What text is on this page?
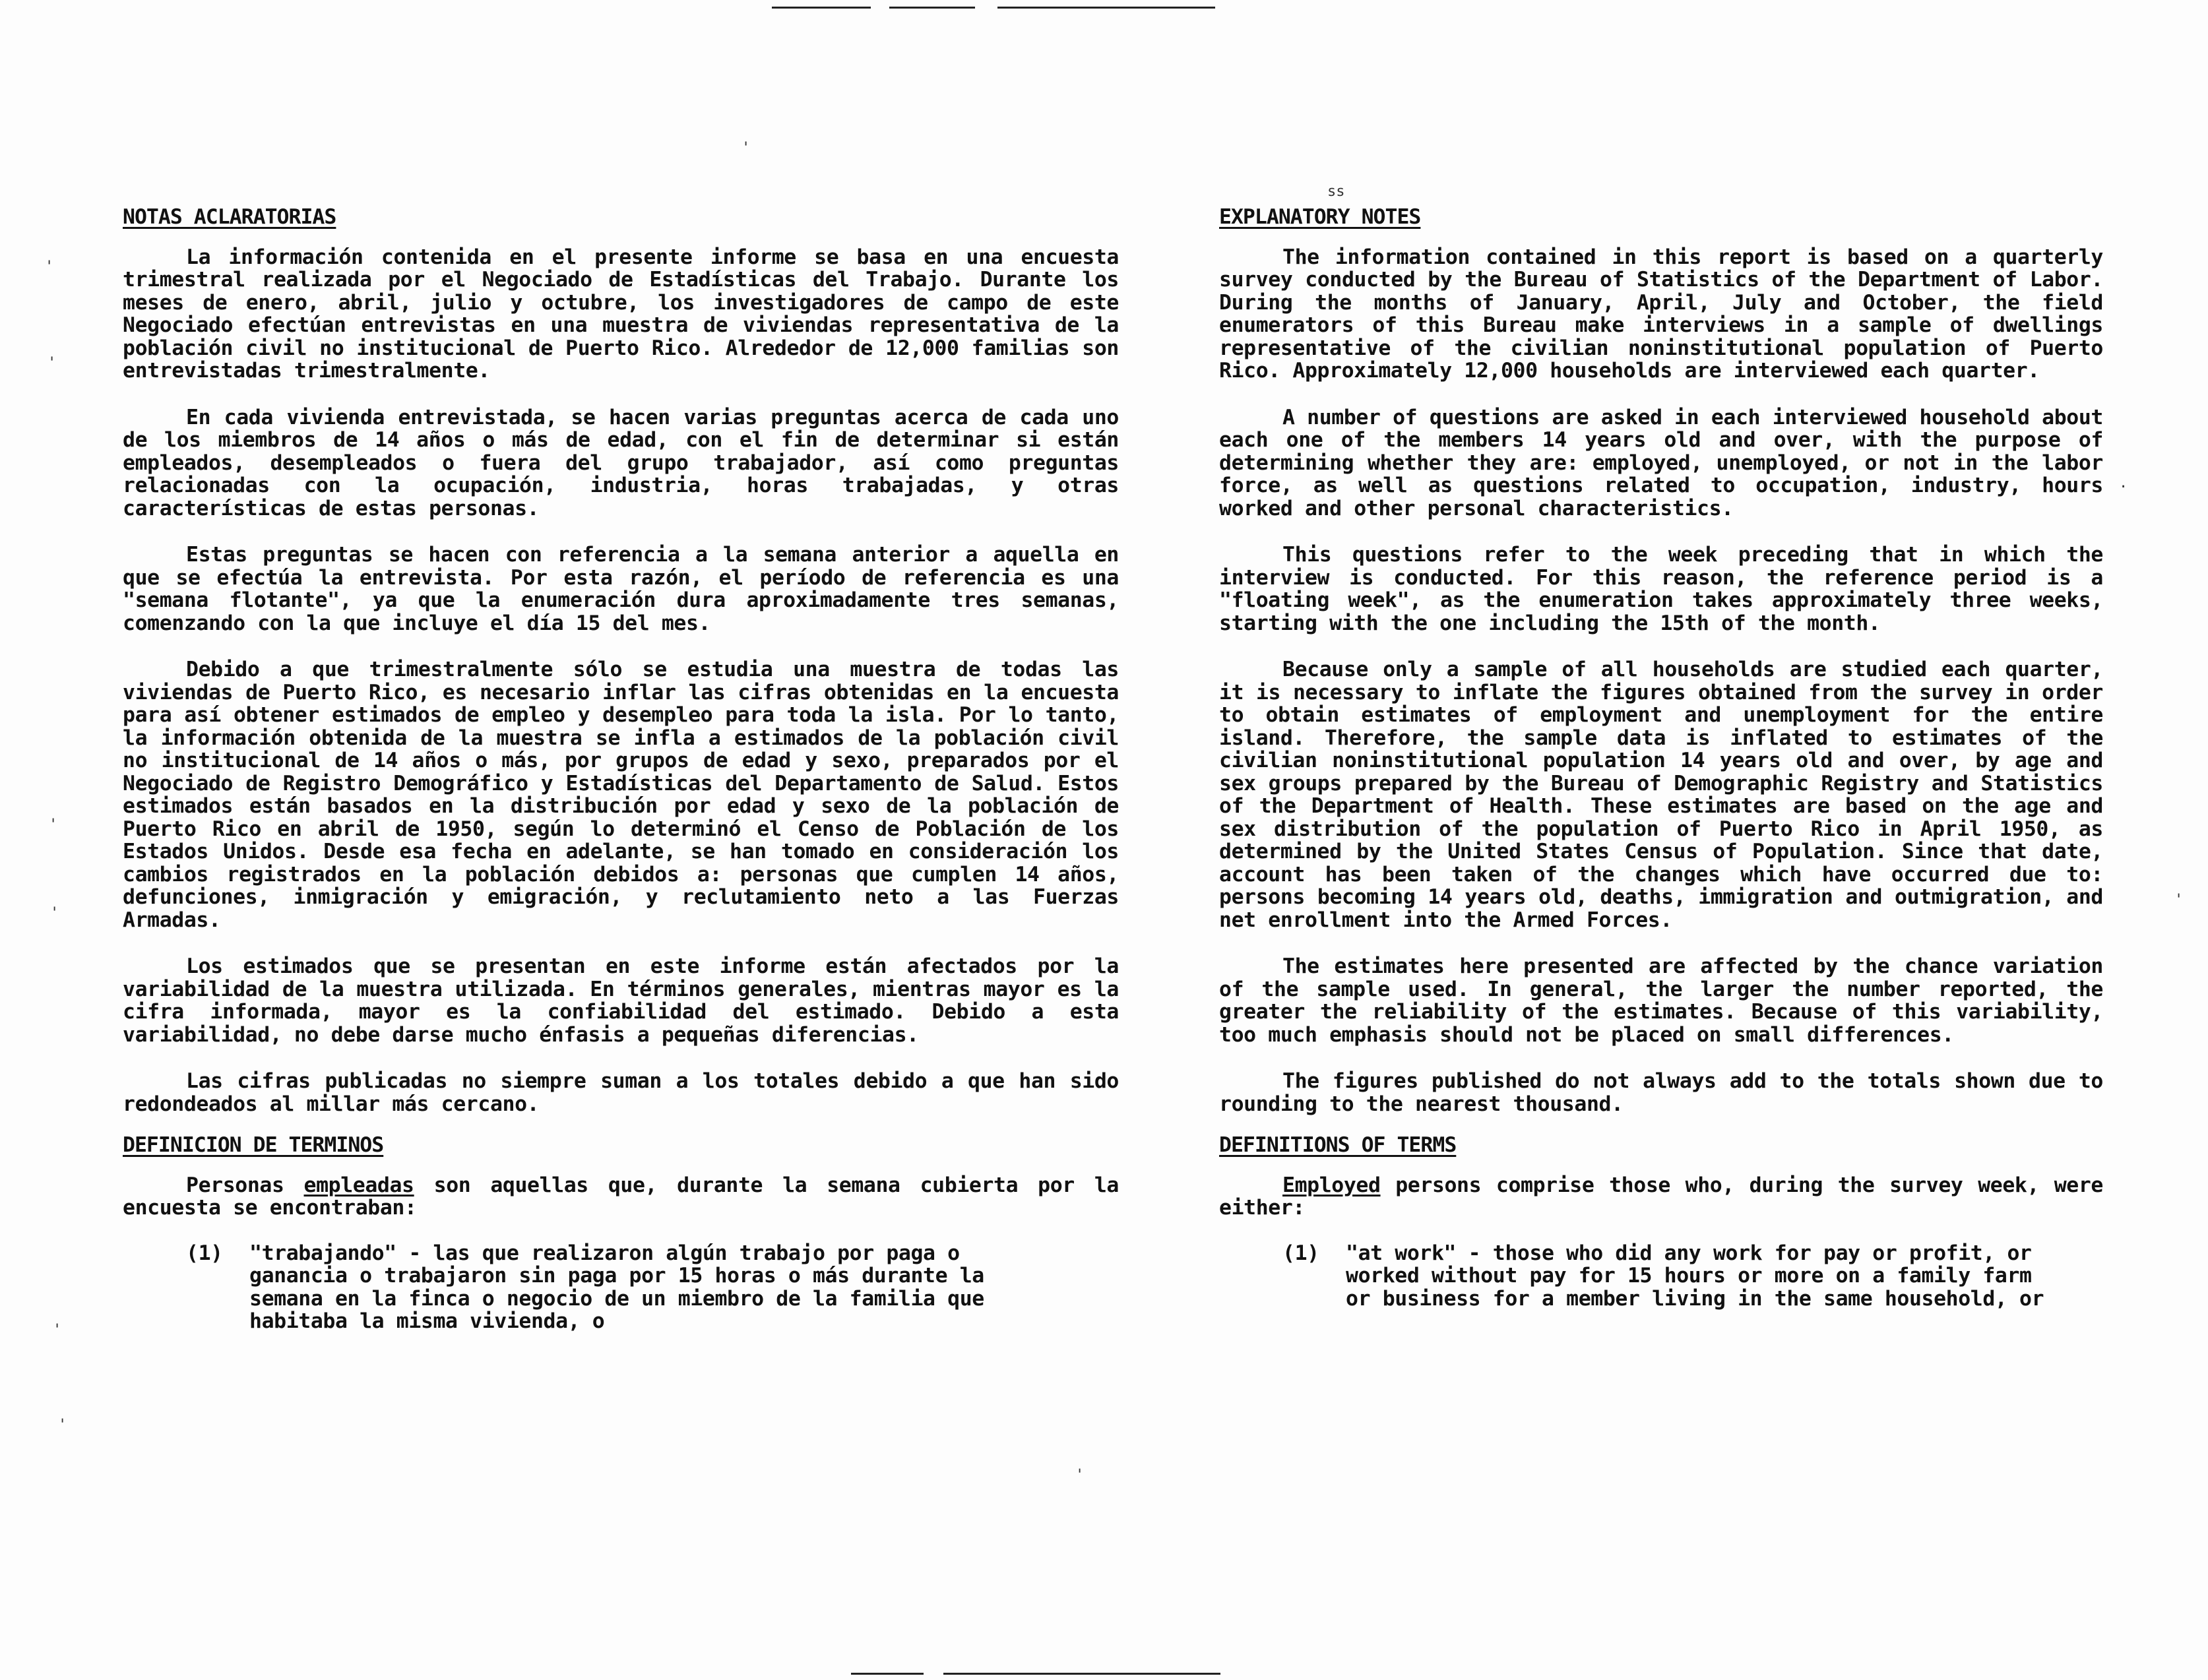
'
'
'
'
'
'
'
'
.
'
ss
NOTAS ACLARATORIAS

La información contenida en el presente informe se basa en una encuesta trimestral realizada por el Negociado de Estadísticas del Trabajo. Durante los meses de enero, abril, julio y octubre, los investigadores de campo de este Negociado efectúan entrevistas en una muestra de viviendas representativa de la población civil no institucional de Puerto Rico. Alrededor de 12,000 familias son entrevistadas trimestralmente.

En cada vivienda entrevistada, se hacen varias preguntas acerca de cada uno de los miembros de 14 años o más de edad, con el fin de determinar si están empleados, desempleados o fuera del grupo trabajador, así como preguntas relacionadas con la ocupación, industria, horas trabajadas, y otras características de estas personas.

Estas preguntas se hacen con referencia a la semana anterior a aquella en que se efectúa la entrevista. Por esta razón, el período de referencia es una "semana flotante", ya que la enumeración dura aproximadamente tres semanas, comenzando con la que incluye el día 15 del mes.

Debido a que trimestralmente sólo se estudia una muestra de todas las viviendas de Puerto Rico, es necesario inflar las cifras obtenidas en la encuesta para así obtener estimados de empleo y desempleo para toda la isla. Por lo tanto, la información obtenida de la muestra se infla a estimados de la población civil no institucional de 14 años o más, por grupos de edad y sexo, preparados por el Negociado de Registro Demográfico y Estadísticas del Departamento de Salud. Estos estimados están basados en la distribución por edad y sexo de la población de Puerto Rico en abril de 1950, según lo determinó el Censo de Población de los Estados Unidos. Desde esa fecha en adelante, se han tomado en consideración los cambios registrados en la población debidos a: personas que cumplen 14 años, defunciones, inmigración y emigración, y reclutamiento neto a las Fuerzas Armadas.

Los estimados que se presentan en este informe están afectados por la variabilidad de la muestra utilizada. En términos generales, mientras mayor es la cifra informada, mayor es la confiabilidad del estimado. Debido a esta variabilidad, no debe darse mucho énfasis a pequeñas diferencias.

Las cifras publicadas no siempre suman a los totales debido a que han sido redondeados al millar más cercano.

DEFINICION DE TERMINOS

Personas empleadas son aquellas que, durante la semana cubierta por la encuesta se encontraban:

(1)	"trabajando" - las que realizaron algún trabajo por paga o ganancia o trabajaron sin paga por 15 horas o más durante la semana en la finca o negocio de un miembro de la familia que habitaba la misma vivienda, o
EXPLANATORY NOTES

The information contained in this report is based on a quarterly survey conducted by the Bureau of Statistics of the Department of Labor. During the months of January, April, July and October, the field enumerators of this Bureau make interviews in a sample of dwellings representative of the civilian noninstitutional population of Puerto Rico. Approximately 12,000 households are interviewed each quarter.

A number of questions are asked in each interviewed household about each one of the members 14 years old and over, with the purpose of determining whether they are: employed, unemployed, or not in the labor force, as well as questions related to occupation, industry, hours worked and other personal characteristics.

This questions refer to the week preceding that in which the interview is conducted. For this reason, the reference period is a "floating week", as the enumeration takes approximately three weeks, starting with the one including the 15th of the month.

Because only a sample of all households are studied each quarter, it is necessary to inflate the figures obtained from the survey in order to obtain estimates of employment and unemployment for the entire island. Therefore, the sample data is inflated to estimates of the civilian noninstitutional population 14 years old and over, by age and sex groups prepared by the Bureau of Demographic Registry and Statistics of the Department of Health. These estimates are based on the age and sex distribution of the population of Puerto Rico in April 1950, as determined by the United States Census of Population. Since that date, account has been taken of the changes which have occurred due to: persons becoming 14 years old, deaths, immigration and outmigration, and net enrollment into the Armed Forces.

The estimates here presented are affected by the chance variation of the sample used. In general, the larger the number reported, the greater the reliability of the estimates. Because of this variability, too much emphasis should not be placed on small differences.

The figures published do not always add to the totals shown due to rounding to the nearest thousand.

DEFINITIONS OF TERMS

Employed persons comprise those who, during the survey week, were either:

(1)	"at work" - those who did any work for pay or profit, or worked without pay for 15 hours or more on a family farm or business for a member living in the same household, or
